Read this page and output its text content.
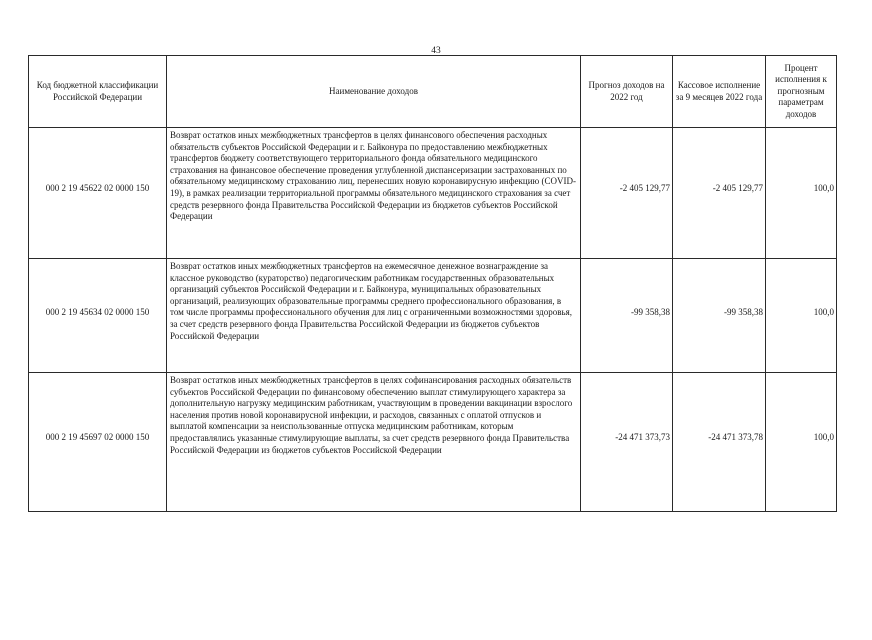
43
Код бюджетной классификации Российской Федерации	Наименование доходов	Прогноз доходов на 2022 год	Кассовое исполнение за 9 месяцев 2022 года	Процент исполнения к прогнозным параметрам доходов
000 2 19 45622 02 0000 150	Возврат остатков иных межбюджетных трансфертов в целях финансового обеспечения расходных обязательств субъектов Российской Федерации и г. Байконура по предоставлению межбюджетных трансфертов бюджету соответствующего территориального фонда обязательного медицинского страхования на финансовое обеспечение проведения углубленной диспансеризации застрахованных по обязательному медицинскому страхованию лиц, перенесших новую коронавирусную инфекцию (COVID-19), в рамках реализации территориальной программы обязательного медицинского страхования за счет средств резервного фонда Правительства Российской Федерации из бюджетов субъектов Российской Федерации	-2 405 129,77	-2 405 129,77	100,0
000 2 19 45634 02 0000 150	Возврат остатков иных межбюджетных трансфертов на ежемесячное денежное вознаграждение за классное руководство (кураторство) педагогическим работникам государственных образовательных организаций субъектов Российской Федерации и г. Байконура, муниципальных образовательных организаций, реализующих образовательные программы среднего профессионального образования, в том числе программы профессионального обучения для лиц с ограниченными возможностями здоровья, за счет средств резервного фонда Правительства Российской Федерации из бюджетов субъектов Российской Федерации	-99 358,38	-99 358,38	100,0
000 2 19 45697 02 0000 150	Возврат остатков иных межбюджетных трансфертов в целях софинансирования расходных обязательств субъектов Российской Федерации по финансовому обеспечению выплат стимулирующего характера за дополнительную нагрузку медицинским работникам, участвующим в проведении вакцинации взрослого населения против новой коронавирусной инфекции, и расходов, связанных с оплатой отпусков и выплатой компенсации за неиспользованные отпуска медицинским работникам, которым предоставлялись указанные стимулирующие выплаты, за счет средств резервного фонда Правительства Российской Федерации из бюджетов субъектов Российской Федерации	-24 471 373,73	-24 471 373,78	100,0
